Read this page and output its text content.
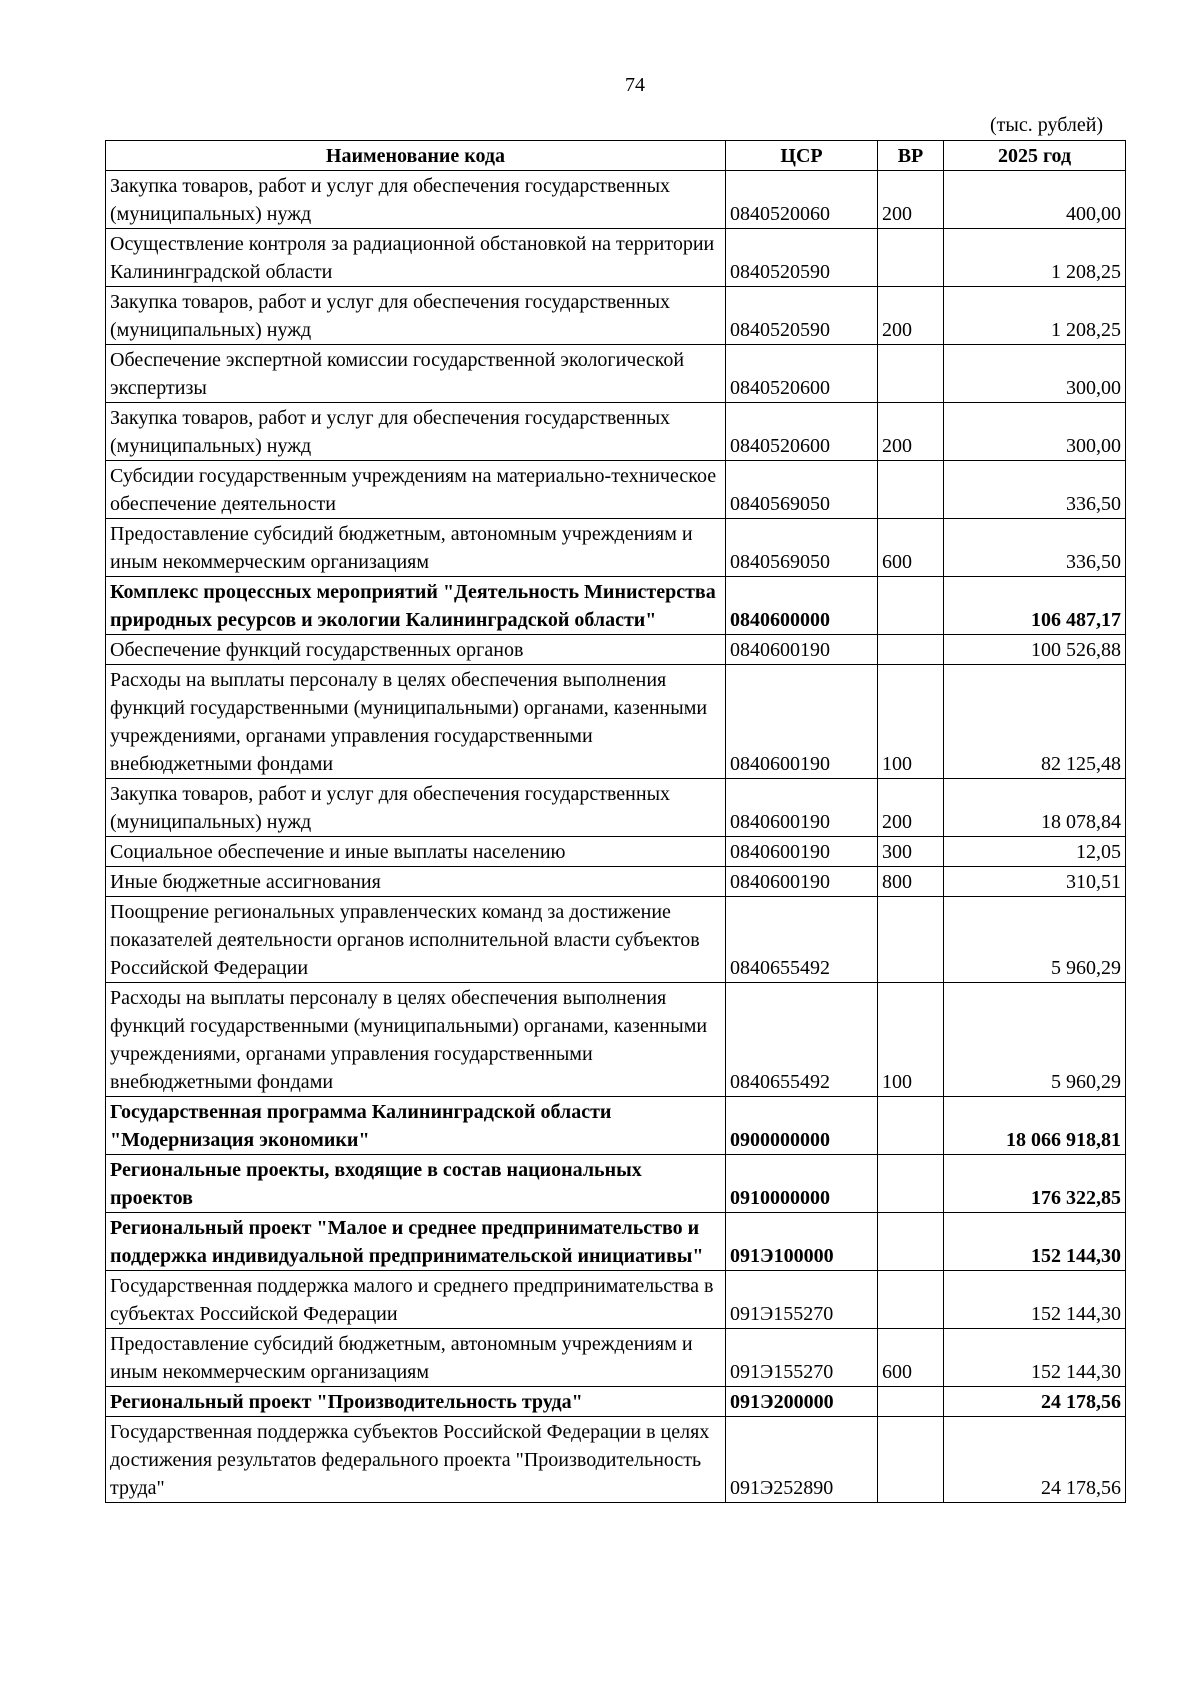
74
(тыс. рублей)
Наименование кода	ЦСР	ВР	2025 год
Закупка товаров, работ и услуг для обеспечения государственных (муниципальных) нужд	0840520060	200	400,00
Осуществление контроля за радиационной обстановкой на территории Калининградской области	0840520590		1 208,25
Закупка товаров, работ и услуг для обеспечения государственных (муниципальных) нужд	0840520590	200	1 208,25
Обеспечение экспертной комиссии государственной экологической экспертизы	0840520600		300,00
Закупка товаров, работ и услуг для обеспечения государственных (муниципальных) нужд	0840520600	200	300,00
Субсидии государственным учреждениям на материально-техническое обеспечение деятельности	0840569050		336,50
Предоставление субсидий бюджетным, автономным учреждениям и иным некоммерческим организациям	0840569050	600	336,50
Комплекс процессных мероприятий "Деятельность Министерства природных ресурсов и экологии Калининградской области"	0840600000		106 487,17
Обеспечение функций государственных органов	0840600190		100 526,88
Расходы на выплаты персоналу в целях обеспечения выполнения функций государственными (муниципальными) органами, казенными учреждениями, органами управления государственными внебюджетными фондами	0840600190	100	82 125,48
Закупка товаров, работ и услуг для обеспечения государственных (муниципальных) нужд	0840600190	200	18 078,84
Социальное обеспечение и иные выплаты населению	0840600190	300	12,05
Иные бюджетные ассигнования	0840600190	800	310,51
Поощрение региональных управленческих команд за достижение показателей деятельности органов исполнительной власти субъектов Российской Федерации	0840655492		5 960,29
Расходы на выплаты персоналу в целях обеспечения выполнения функций государственными (муниципальными) органами, казенными учреждениями, органами управления государственными внебюджетными фондами	0840655492	100	5 960,29
Государственная программа Калининградской области "Модернизация экономики"	0900000000		18 066 918,81
Региональные проекты, входящие в состав национальных проектов	0910000000		176 322,85
Региональный проект "Малое и среднее предпринимательство и поддержка индивидуальной предпринимательской инициативы"	091Э100000		152 144,30
Государственная поддержка малого и среднего предпринимательства в субъектах Российской Федерации	091Э155270		152 144,30
Предоставление субсидий бюджетным, автономным учреждениям и иным некоммерческим организациям	091Э155270	600	152 144,30
Региональный проект "Производительность труда"	091Э200000		24 178,56
Государственная поддержка субъектов Российской Федерации в целях достижения результатов федерального проекта "Производительность труда"	091Э252890		24 178,56
